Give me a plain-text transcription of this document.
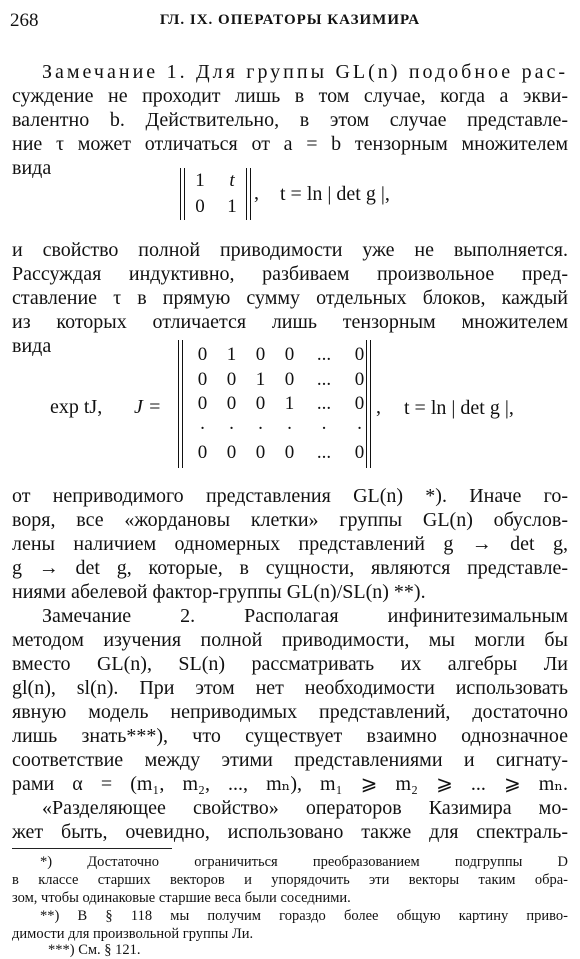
268	ГЛ. IX. ОПЕРАТОРЫ КАЗИМИРА
Замечание 1. Для группы GL(n) подобное рас-
суждение не проходит лишь в том случае, когда a экви-
валентно b. Действительно, в этом случае представле-
ние τ может отличаться от a = b тензорным множителем
вида
1	t
0 1
, t = ln | det g |,
и свойство полной приводимости уже не выполняется.
Рассуждая индуктивно, разбиваем произвольное пред-
ставление τ в прямую сумму отдельных блоков, каждый
из которых отличается лишь тензорным множителем
вида
exp tJ, J =
0	1	0	0	...	0
0	0	1	0	...	0
0	0	0	1	...	0
·	·	·	·	·	·
0	0	0	0	...	0
, t = ln | det g |,
от неприводимого представления GL(n) *). Иначе го-
воря, все «жордановы клетки» группы GL(n) обуслов-
лены наличием одномерных представлений g → det g,
g → det g, которые, в сущности, являются представле-
ниями абелевой фактор-группы GL(n)/SL(n) **).
Замечание 2. Располагая инфинитезимальным
методом изучения полной приводимости, мы могли бы
вместо GL(n), SL(n) рассматривать их алгебры Ли
gl(n), sl(n). При этом нет необходимости использовать
явную модель неприводимых представлений, достаточно
лишь знать***), что существует взаимно однозначное
соответствие между этими представлениями и сигнату-
рами α = (m₁, m₂, ..., mₙ), m₁ ⩾ m₂ ⩾ ... ⩾ mₙ.
«Разделяющее свойство» операторов Казимира мо-
жет быть, очевидно, использовано также для спектраль-
*) Достаточно ограничиться преобразованием подгруппы D
в классе старших векторов и упорядочить эти векторы таким обра-
зом, чтобы одинаковые старшие веса были соседними.
**) В § 118 мы получим гораздо более общую картину приво-
димости для произвольной группы Ли.
***) См. § 121.
